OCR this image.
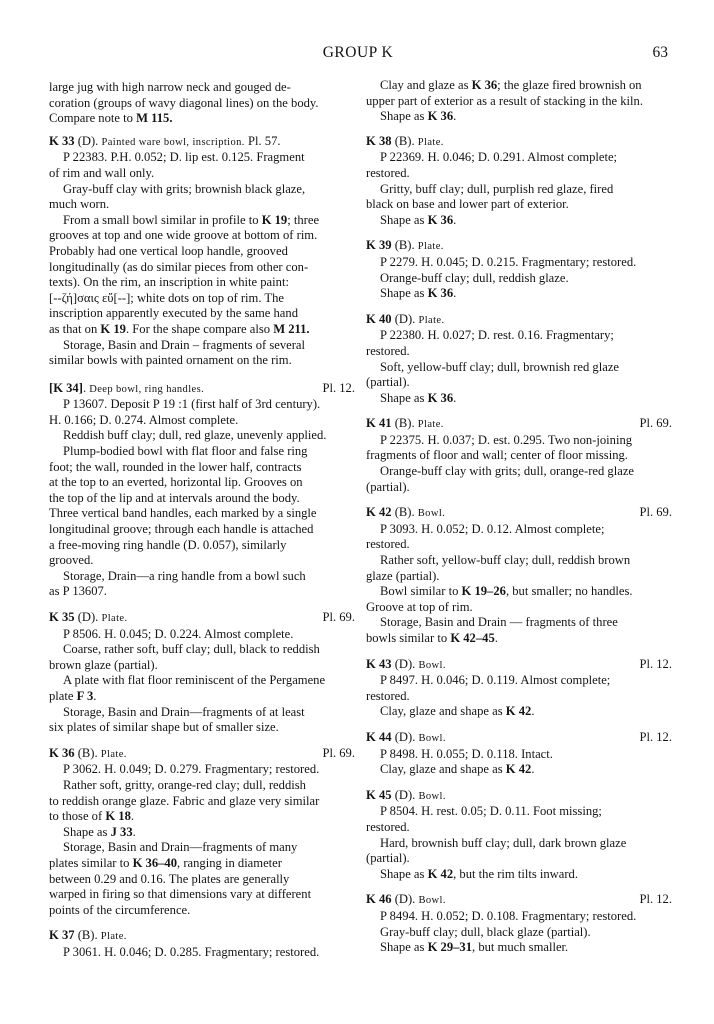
GROUP K	63

large jug with high narrow neck and gouged de-

coration (groups of wavy diagonal lines) on the body.

Compare note to M 115.

K 33 (D). Painted ware bowl, inscription. Pl. 57.

P 22383. P.H. 0.052; D. lip est. 0.125. Fragment

of rim and wall only.

Gray-buff clay with grits; brownish black glaze,

much worn.

From a small bowl similar in profile to K 19; three

grooves at top and one wide groove at bottom of rim.

Probably had one vertical loop handle, grooved

longitudinally (as do similar pieces from other con-

texts). On the rim, an inscription in white paint:

[--ζή]σαις εὔ[--]; white dots on top of rim. The

inscription apparently executed by the same hand

as that on K 19. For the shape compare also M 211.

Storage, Basin and Drain – fragments of several

similar bowls with painted ornament on the rim.

[K 34]. Deep bowl, ring handles.	Pl. 12.

P 13607. Deposit P 19 :1 (first half of 3rd century).

H. 0.166; D. 0.274. Almost complete.

Reddish buff clay; dull, red glaze, unevenly applied.

Plump-bodied bowl with flat floor and false ring

foot; the wall, rounded in the lower half, contracts

at the top to an everted, horizontal lip. Grooves on

the top of the lip and at intervals around the body.

Three vertical band handles, each marked by a single

longitudinal groove; through each handle is attached

a free-moving ring handle (D. 0.057), similarly

grooved.

Storage, Drain—a ring handle from a bowl such

as P 13607.

K 35 (D). Plate.	Pl. 69.

P 8506. H. 0.045; D. 0.224. Almost complete.

Coarse, rather soft, buff clay; dull, black to reddish

brown glaze (partial).

A plate with flat floor reminiscent of the Pergamene

plate F 3.

Storage, Basin and Drain—fragments of at least

six plates of similar shape but of smaller size.

K 36 (B). Plate.	Pl. 69.

P 3062. H. 0.049; D. 0.279. Fragmentary; restored.

Rather soft, gritty, orange-red clay; dull, reddish

to reddish orange glaze. Fabric and glaze very similar

to those of K 18.

Shape as J 33.

Storage, Basin and Drain—fragments of many

plates similar to K 36–40, ranging in diameter

between 0.29 and 0.16. The plates are generally

warped in firing so that dimensions vary at different

points of the circumference.

K 37 (B). Plate.

P 3061. H. 0.046; D. 0.285. Fragmentary; restored.

Clay and glaze as K 36; the glaze fired brownish on

upper part of exterior as a result of stacking in the kiln.

Shape as K 36.

K 38 (B). Plate.

P 22369. H. 0.046; D. 0.291. Almost complete;

restored.

Gritty, buff clay; dull, purplish red glaze, fired

black on base and lower part of exterior.

Shape as K 36.

K 39 (B). Plate.

P 2279. H. 0.045; D. 0.215. Fragmentary; restored.

Orange-buff clay; dull, reddish glaze.

Shape as K 36.

K 40 (D). Plate.

P 22380. H. 0.027; D. rest. 0.16. Fragmentary;

restored.

Soft, yellow-buff clay; dull, brownish red glaze

(partial).

Shape as K 36.

K 41 (B). Plate.	Pl. 69.

P 22375. H. 0.037; D. est. 0.295. Two non-joining

fragments of floor and wall; center of floor missing.

Orange-buff clay with grits; dull, orange-red glaze

(partial).

K 42 (B). Bowl.	Pl. 69.

P 3093. H. 0.052; D. 0.12. Almost complete;

restored.

Rather soft, yellow-buff clay; dull, reddish brown

glaze (partial).

Bowl similar to K 19–26, but smaller; no handles.

Groove at top of rim.

Storage, Basin and Drain — fragments of three

bowls similar to K 42–45.

K 43 (D). Bowl.	Pl. 12.

P 8497. H. 0.046; D. 0.119. Almost complete;

restored.

Clay, glaze and shape as K 42.

K 44 (D). Bowl.	Pl. 12.

P 8498. H. 0.055; D. 0.118. Intact.

Clay, glaze and shape as K 42.

K 45 (D). Bowl.

P 8504. H. rest. 0.05; D. 0.11. Foot missing;

restored.

Hard, brownish buff clay; dull, dark brown glaze

(partial).

Shape as K 42, but the rim tilts inward.

K 46 (D). Bowl.	Pl. 12.

P 8494. H. 0.052; D. 0.108. Fragmentary; restored.

Gray-buff clay; dull, black glaze (partial).

Shape as K 29–31, but much smaller.
